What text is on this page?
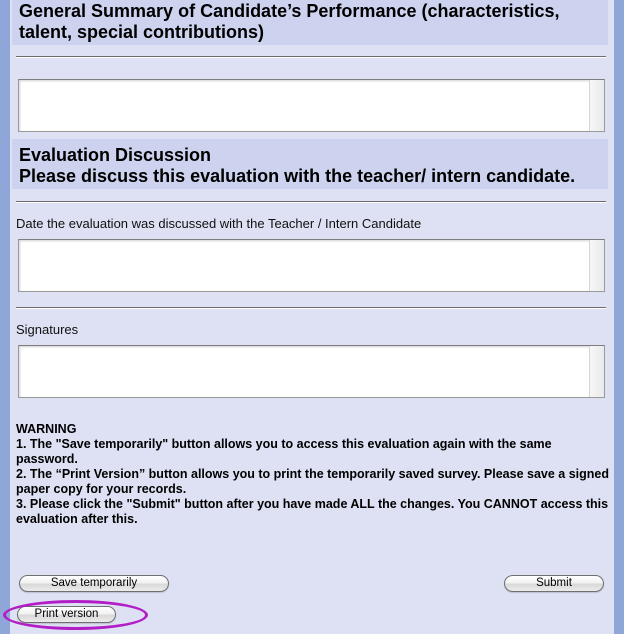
General Summary of Candidate’s Performance (characteristics, talent, special contributions)
Evaluation Discussion
Please discuss this evaluation with the teacher/ intern candidate.
Date the evaluation was discussed with the Teacher / Intern Candidate
Signatures

WARNING

1. The "Save temporarily" button allows you to access this evaluation again with the same password.

2. The “Print Version” button allows you to print the temporarily saved survey. Please save a signed paper copy for your records.

3. Please click the "Submit" button after you have made ALL the changes. You CANNOT access this evaluation after this.

Save temporarily	Submit
Print version
